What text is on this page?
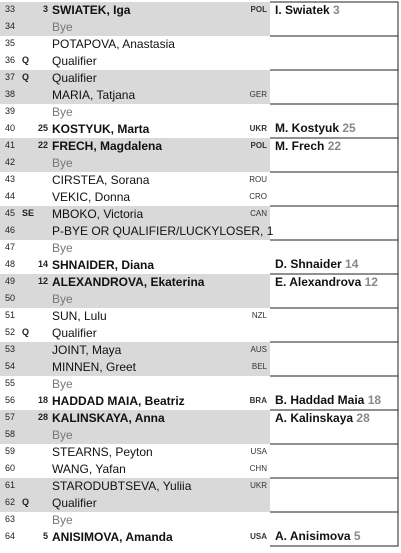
33	3 SWIATEK, Iga	POL
34	Bye
35	POTAPOVA, Anastasia
36 Q Qualifier
37 Q Qualifier
38	MARIA, Tatjana	GER
39	Bye
40	25 KOSTYUK, Marta	UKR
41	22 FRECH, Magdalena	POL
42	Bye
43	CIRSTEA, Sorana	ROU
44	VEKIC, Donna	CRO
45 SE MBOKO, Victoria	CAN
46	P-BYE OR QUALIFIER/LUCKYLOSER, 1
47	Bye
48	14 SHNAIDER, Diana
49	12 ALEXANDROVA, Ekaterina
50	Bye
51	SUN, Lulu	NZL
52 Q Qualifier
53	JOINT, Maya	AUS
54	MINNEN, Greet	BEL
55	Bye
56	18 HADDAD MAIA, Beatriz	BRA
57	28 KALINSKAYA, Anna
58	Bye
59	STEARNS, Peyton	USA
60	WANG, Yafan	CHN
61	STARODUBTSEVA, Yuliia	UKR
62 Q Qualifier
63	Bye
64	5 ANISIMOVA, Amanda	USA
I. Swiatek 3
M. Kostyuk 25
M. Frech 22
D. Shnaider 14
E. Alexandrova 12
B. Haddad Maia 18
A. Kalinskaya 28
A. Anisimova 5
